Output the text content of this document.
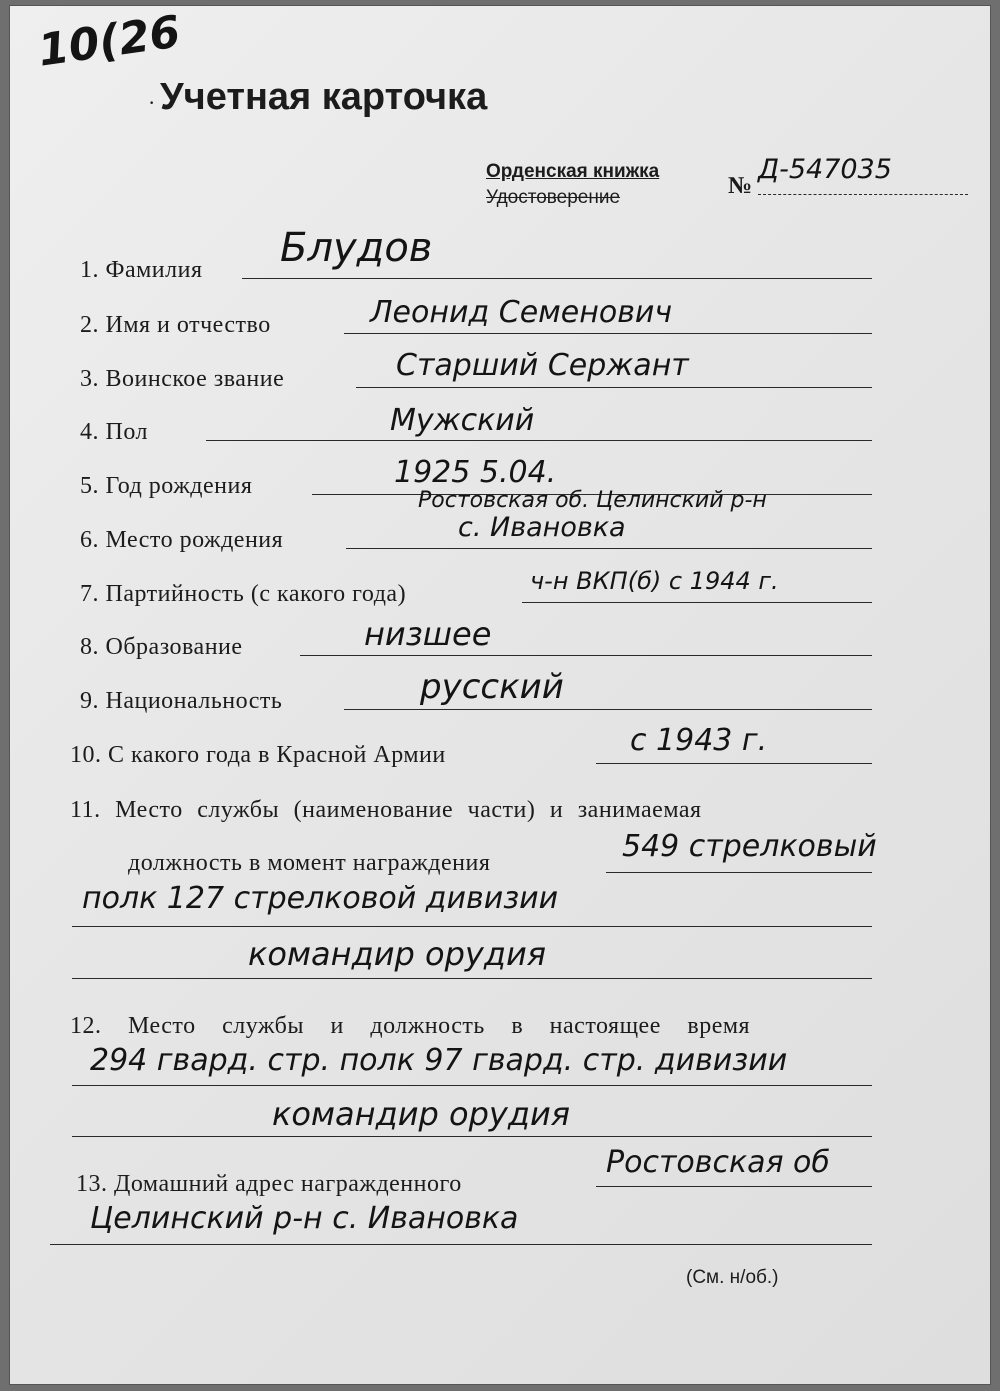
10(26
· Учетная карточка
Орденская книжка
Удостоверение	№
Д-547035
1. Фамилия Блудов
2. Имя и отчество	Леонид Семенович
3. Воинское звание	Старший Сержант
4. Пол	Мужский
5. Год рождения	1925 5.04.
6. Место рождения
Ростовская об. Целинский р-н
с. Ивановка
7. Партийность (с какого года)	ч-н ВКП(б) с 1944 г.
8. Образование	низшее
9. Национальность	русский
10. С какого года в Красной Армии	с 1943 г.
11. Место службы (наименование части) и занимаемая
должность в момент награждения	549 стрелковый
полк 127 стрелковой дивизии
командир орудия
12. Место службы и должность в настоящее время
294 гвард. стр. полк 97 гвард. стр. дивизии
командир орудия
13. Домашний адрес награжденного
Ростовская об
Целинский р-н с. Ивановка
(См. н/об.)
